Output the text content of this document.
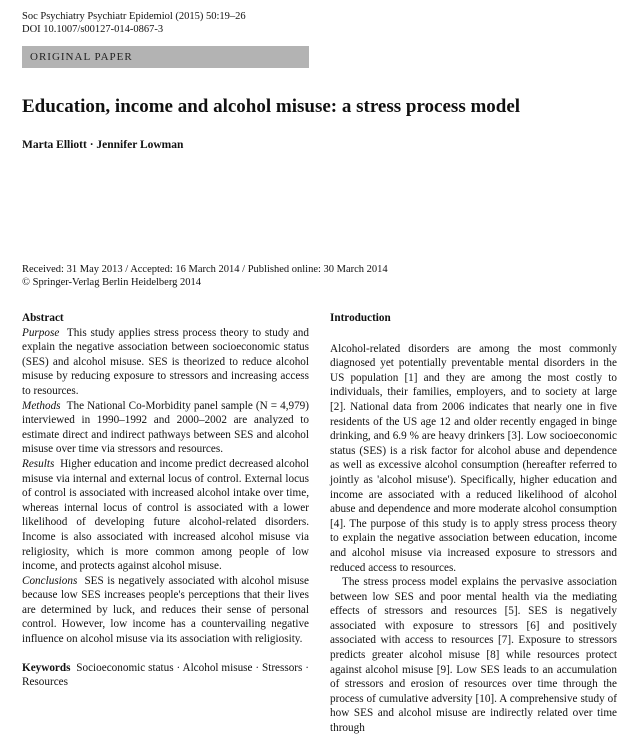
Soc Psychiatry Psychiatr Epidemiol (2015) 50:19–26
DOI 10.1007/s00127-014-0867-3
ORIGINAL PAPER
Education, income and alcohol misuse: a stress process model
Marta Elliott · Jennifer Lowman
Received: 31 May 2013 / Accepted: 16 March 2014 / Published online: 30 March 2014
© Springer-Verlag Berlin Heidelberg 2014

Abstract

Purpose This study applies stress process theory to study and explain the negative association between socioeconomic status (SES) and alcohol misuse. SES is theorized to reduce alcohol misuse by reducing exposure to stressors and increasing access to resources.

Methods The National Co-Morbidity panel sample (N = 4,979) interviewed in 1990–1992 and 2000–2002 are analyzed to estimate direct and indirect pathways between SES and alcohol misuse over time via stressors and resources.

Results Higher education and income predict decreased alcohol misuse via internal and external locus of control. External locus of control is associated with increased alcohol intake over time, whereas internal locus of control is associated with a lower likelihood of developing future alcohol-related disorders. Income is also associated with increased alcohol misuse via religiosity, which is more common among people of low income, and protects against alcohol misuse.

Conclusions SES is negatively associated with alcohol misuse because low SES increases people's perceptions that their lives are determined by luck, and reduces their sense of personal control. However, low income has a countervailing negative influence on alcohol misuse via its association with religiosity.

Keywords Socioeconomic status · Alcohol misuse · Stressors · Resources

Introduction

Alcohol-related disorders are among the most commonly diagnosed yet potentially preventable mental disorders in the US population [1] and they are among the most costly to individuals, their families, employers, and to society at large [2]. National data from 2006 indicates that nearly one in five residents of the US age 12 and older recently engaged in binge drinking, and 6.9 % are heavy drinkers [3]. Low socioeconomic status (SES) is a risk factor for alcohol abuse and dependence as well as excessive alcohol consumption (hereafter referred to jointly as 'alcohol misuse'). Specifically, higher education and income are associated with a reduced likelihood of alcohol abuse and dependence and more moderate alcohol consumption [4]. The purpose of this study is to apply stress process theory to explain the negative association between education, income and alcohol misuse via increased exposure to stressors and reduced access to resources.

The stress process model explains the pervasive association between low SES and poor mental health via the mediating effects of stressors and resources [5]. SES is negatively associated with exposure to stressors [6] and positively associated with access to resources [7]. Exposure to stressors predicts greater alcohol misuse [8] while resources protect against alcohol misuse [9]. Low SES leads to an accumulation of stressors and erosion of resources over time through the process of cumulative adversity [10]. A comprehensive study of how SES and alcohol misuse are indirectly related over time through
